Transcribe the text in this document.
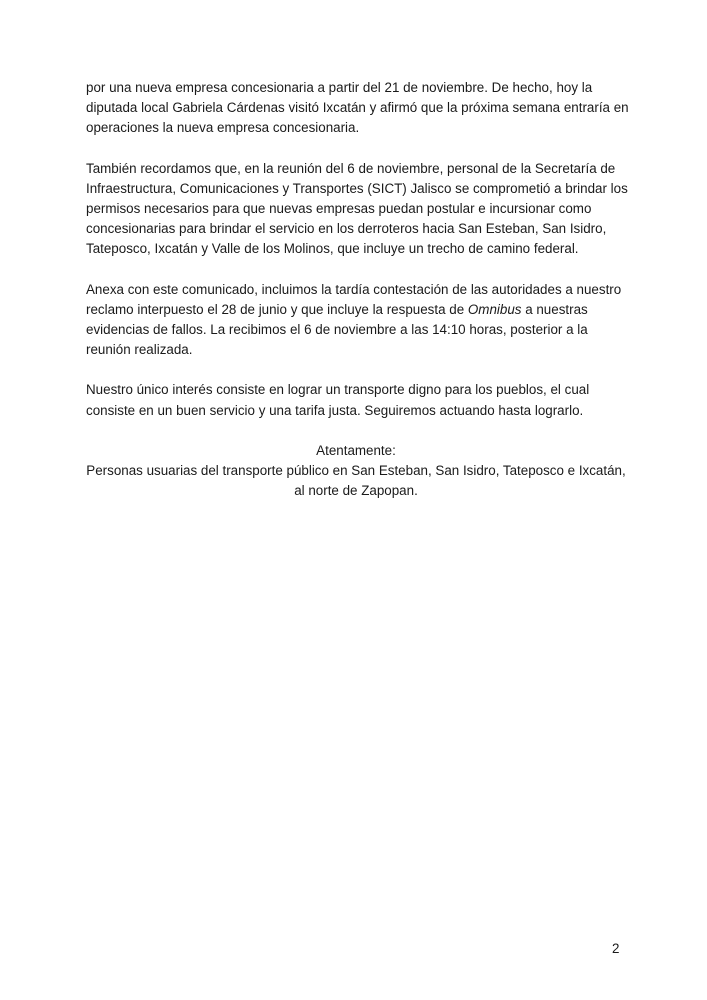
por una nueva empresa concesionaria a partir del 21 de noviembre. De hecho, hoy la
diputada local Gabriela Cárdenas visitó Ixcatán y afirmó que la próxima semana entraría en
operaciones la nueva empresa concesionaria.

También recordamos que, en la reunión del 6 de noviembre, personal de la Secretaría de
Infraestructura, Comunicaciones y Transportes (SICT) Jalisco se comprometió a brindar los
permisos necesarios para que nuevas empresas puedan postular e incursionar como
concesionarias para brindar el servicio en los derroteros hacia San Esteban, San Isidro,
Tateposco, Ixcatán y Valle de los Molinos, que incluye un trecho de camino federal.

Anexa con este comunicado, incluimos la tardía contestación de las autoridades a nuestro
reclamo interpuesto el 28 de junio y que incluye la respuesta de Omnibus a nuestras
evidencias de fallos. La recibimos el 6 de noviembre a las 14:10 horas, posterior a la
reunión realizada.

Nuestro único interés consiste en lograr un transporte digno para los pueblos, el cual
consiste en un buen servicio y una tarifa justa. Seguiremos actuando hasta lograrlo.

Atentamente:
Personas usuarias del transporte público en San Esteban, San Isidro, Tateposco e Ixcatán,
al norte de Zapopan.
2
